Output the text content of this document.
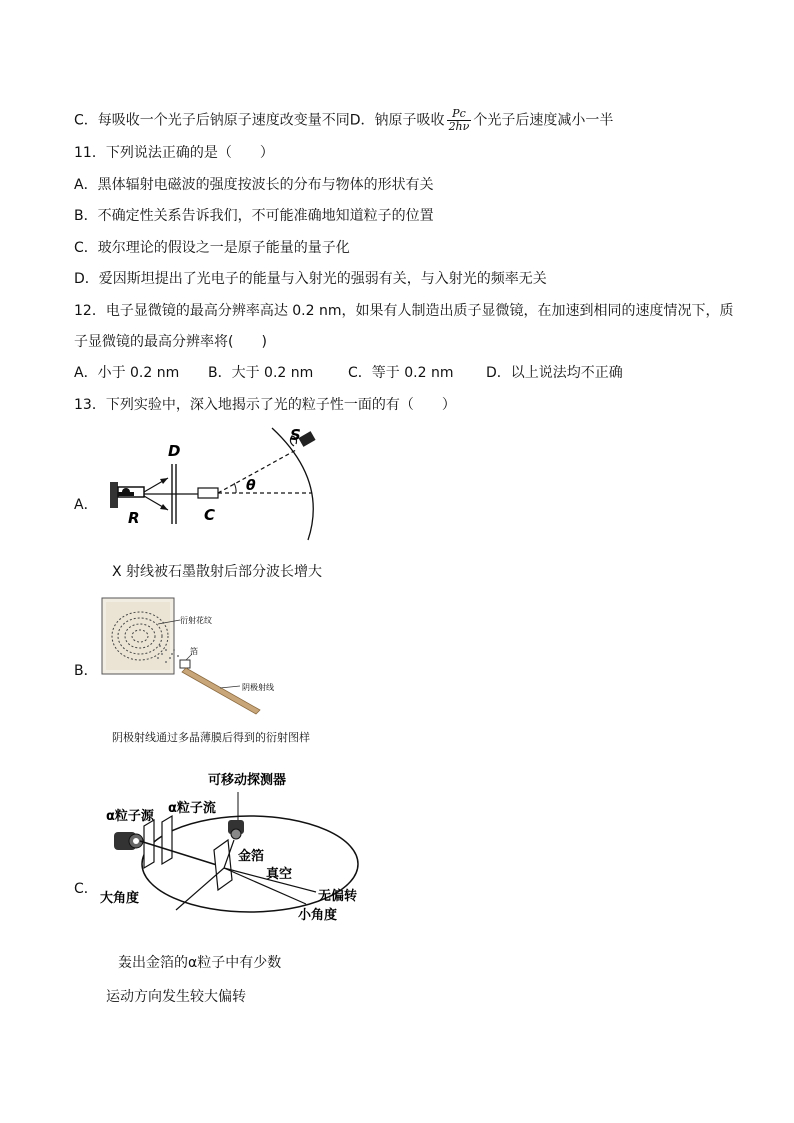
C．每吸收一个光子后钠原子速度改变量不同D．钠原子吸收 $\frac{Pc}{2h\nu}$ 个光子后速度减小一半
11．下列说法正确的是（　　）
A．黑体辐射电磁波的强度按波长的分布与物体的形状有关
B．不确定性关系告诉我们，不可能准确地知道粒子的位置
C．玻尔理论的假设之一是原子能量的量子化
D．爱因斯坦提出了光电子的能量与入射光的强弱有关，与入射光的频率无关
12．电子显微镜的最高分辨率高达 0.2 nm，如果有人制造出质子显微镜，在加速到相同的速度情况下，质
子显微镜的最高分辨率将(　　)
A．小于 0.2 nm B．大于 0.2 nm C．等于 0.2 nm D．以上说法均不正确
13．下列实验中，深入地揭示了光的粒子性一面的有（　　）
A．
D
R	C
S
θ
X 射线被石墨散射后部分波长增大
B．
衍射花纹
箔
阴极射线
阴极射线通过多晶薄膜后得到的衍射图样
C．
可移动探测器
α粒子源
α粒子流
金箔
真空
无偏转
小角度
大角度
轰出金箔的α粒子中有少数
运动方向发生较大偏转
